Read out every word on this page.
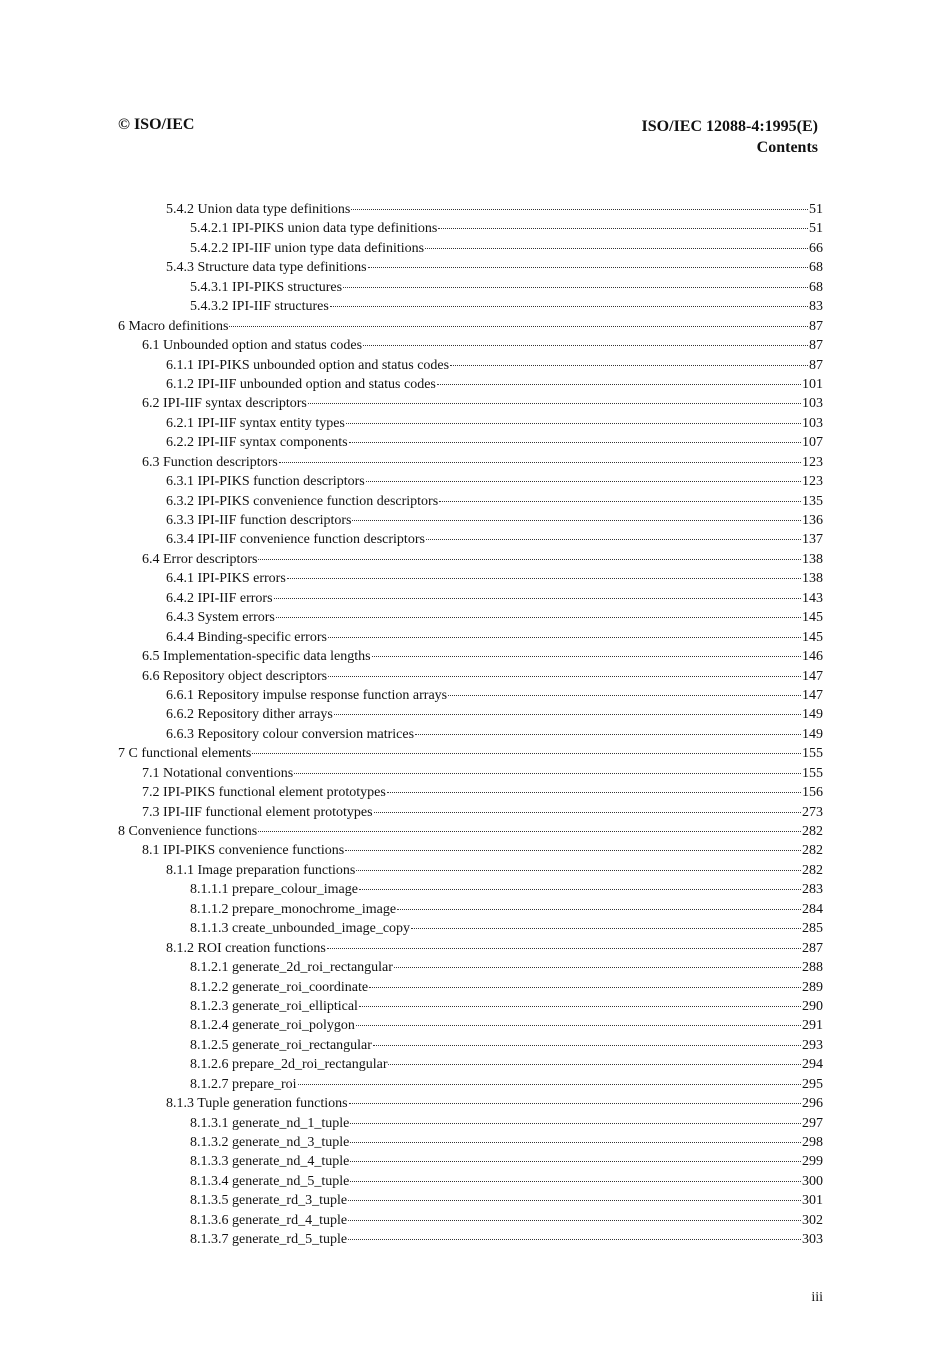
© ISO/IEC	ISO/IEC 12088-4:1995(E)
Contents
5.4.2 Union data type definitions	51
5.4.2.1 IPI-PIKS union data type definitions	51
5.4.2.2 IPI-IIF union type data definitions	66
5.4.3 Structure data type definitions	68
5.4.3.1 IPI-PIKS structures	68
5.4.3.2 IPI-IIF structures	83
6 Macro definitions	87
6.1 Unbounded option and status codes	87
6.1.1 IPI-PIKS unbounded option and status codes	87
6.1.2 IPI-IIF unbounded option and status codes	101
6.2 IPI-IIF syntax descriptors	103
6.2.1 IPI-IIF syntax entity types	103
6.2.2 IPI-IIF syntax components	107
6.3 Function descriptors	123
6.3.1 IPI-PIKS function descriptors	123
6.3.2 IPI-PIKS convenience function descriptors	135
6.3.3 IPI-IIF function descriptors	136
6.3.4 IPI-IIF convenience function descriptors	137
6.4 Error descriptors	138
6.4.1 IPI-PIKS errors	138
6.4.2 IPI-IIF errors	143
6.4.3 System errors	145
6.4.4 Binding-specific errors	145
6.5 Implementation-specific data lengths	146
6.6 Repository object descriptors	147
6.6.1 Repository impulse response function arrays	147
6.6.2 Repository dither arrays	149
6.6.3 Repository colour conversion matrices	149
7 C functional elements	155
7.1 Notational conventions	155
7.2 IPI-PIKS functional element prototypes	156
7.3 IPI-IIF functional element prototypes	273
8 Convenience functions	282
8.1 IPI-PIKS convenience functions	282
8.1.1 Image preparation functions	282
8.1.1.1 prepare_colour_image	283
8.1.1.2 prepare_monochrome_image	284
8.1.1.3 create_unbounded_image_copy	285
8.1.2 ROI creation functions	287
8.1.2.1 generate_2d_roi_rectangular	288
8.1.2.2 generate_roi_coordinate	289
8.1.2.3 generate_roi_elliptical	290
8.1.2.4 generate_roi_polygon	291
8.1.2.5 generate_roi_rectangular	293
8.1.2.6 prepare_2d_roi_rectangular	294
8.1.2.7 prepare_roi	295
8.1.3 Tuple generation functions	296
8.1.3.1 generate_nd_1_tuple	297
8.1.3.2 generate_nd_3_tuple	298
8.1.3.3 generate_nd_4_tuple	299
8.1.3.4 generate_nd_5_tuple	300
8.1.3.5 generate_rd_3_tuple	301
8.1.3.6 generate_rd_4_tuple	302
8.1.3.7 generate_rd_5_tuple	303
iii
